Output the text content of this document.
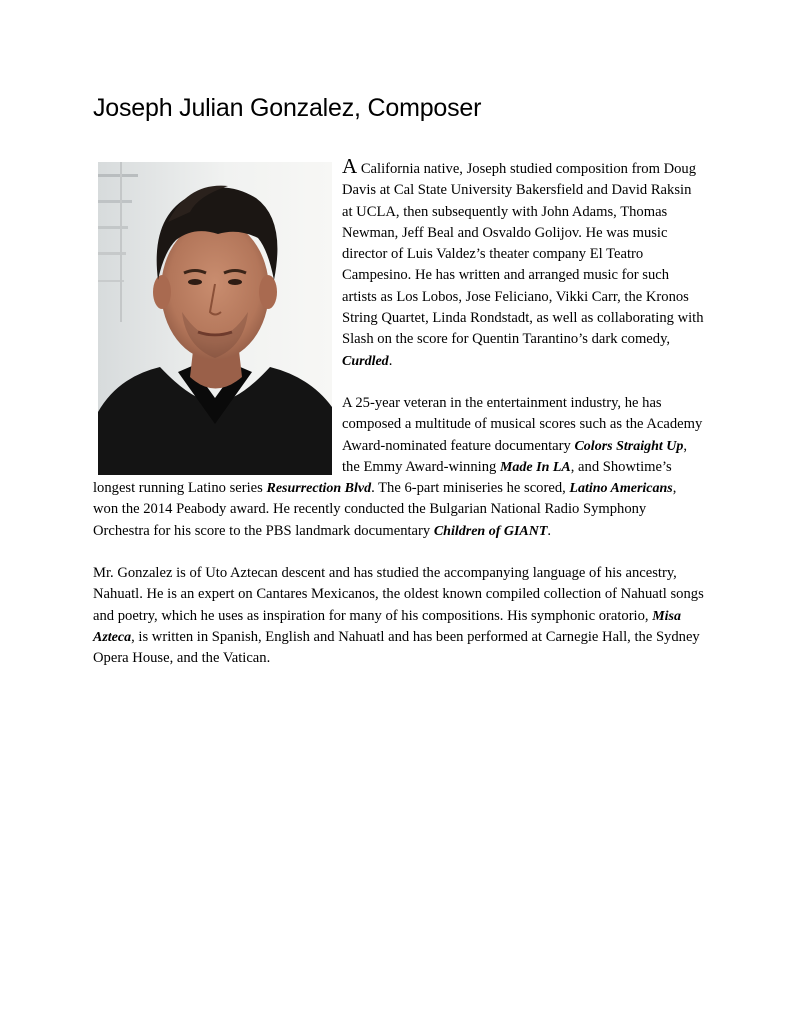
Joseph Julian Gonzalez, Composer

A California native, Joseph studied composition from Doug Davis at Cal State University Bakersfield and David Raksin at UCLA, then subsequently with John Adams, Thomas Newman, Jeff Beal and Osvaldo Golijov. He was music director of Luis Valdez’s theater company El Teatro Campesino. He has written and arranged music for such artists as Los Lobos, Jose Feliciano, Vikki Carr, the Kronos String Quartet, Linda Rondstadt, as well as collaborating with Slash on the score for Quentin Tarantino’s dark comedy, Curdled.

A 25-year veteran in the entertainment industry, he has composed a multitude of musical scores such as the Academy Award-nominated feature documentary Colors Straight Up, the Emmy Award-winning Made In LA, and Showtime’s longest running Latino series Resurrection Blvd. The 6-part miniseries he scored, Latino Americans, won the 2014 Peabody award. He recently conducted the Bulgarian National Radio Symphony Orchestra for his score to the PBS landmark documentary Children of GIANT.

Mr. Gonzalez is of Uto Aztecan descent and has studied the accompanying language of his ancestry, Nahuatl. He is an expert on Cantares Mexicanos, the oldest known compiled collection of Nahuatl songs and poetry, which he uses as inspiration for many of his compositions. His symphonic oratorio, Misa Azteca, is written in Spanish, English and Nahuatl and has been performed at Carnegie Hall, the Sydney Opera House, and the Vatican.
